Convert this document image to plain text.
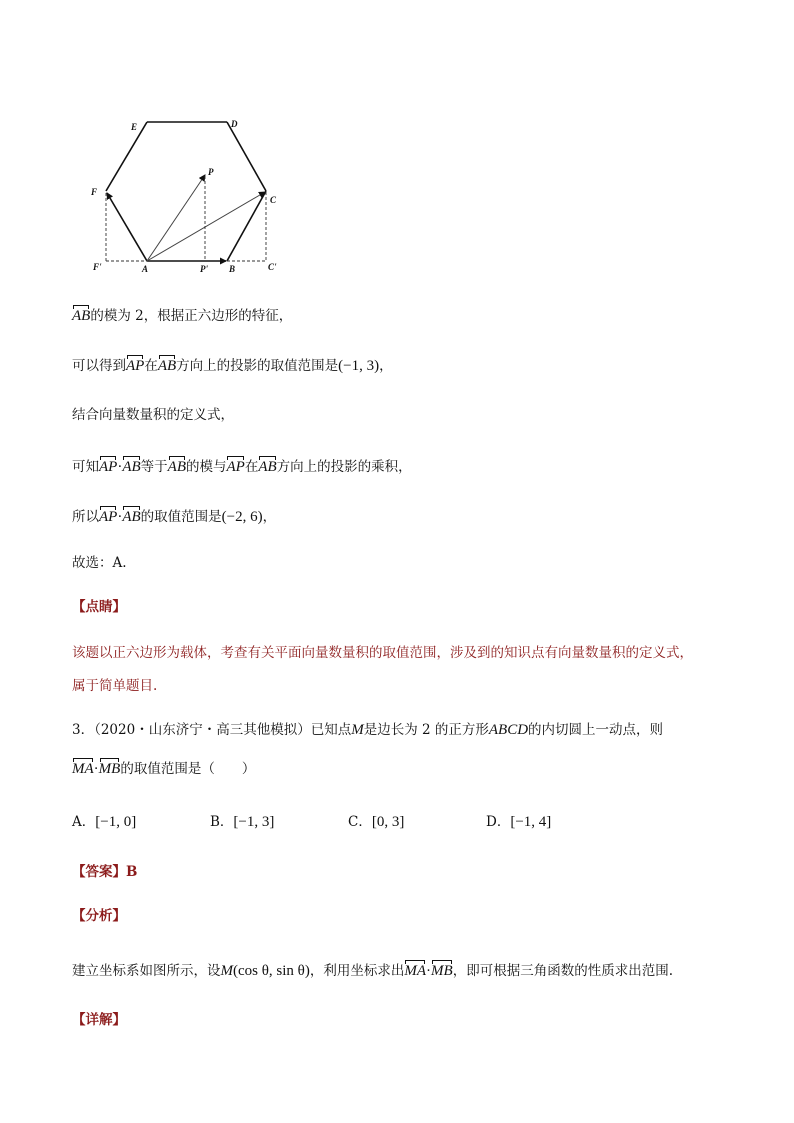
E	D
F
C
P
A	P' B
F'	C'
AB的模为 2，根据正六边形的特征，
可以得到AP在AB方向上的投影的取值范围是(−1, 3)，
结合向量数量积的定义式，
可知AP·AB等于AB的模与AP在AB方向上的投影的乘积，
所以AP·AB的取值范围是(−2, 6)，
故选：A.
【点睛】
该题以正六边形为载体，考查有关平面向量数量积的取值范围，涉及到的知识点有向量数量积的定义式，
属于简单题目.
3．（2020・山东济宁・高三其他模拟）已知点M是边长为 2 的正方形ABCD的内切圆上一动点，则
MA·MB的取值范围是（　　）
A．[−1, 0]	B．[−1, 3]	C．[0, 3]	D．[−1, 4]
【答案】B
【分析】
建立坐标系如图所示，设M(cos θ, sin θ)，利用坐标求出MA·MB，即可根据三角函数的性质求出范围.
【详解】
